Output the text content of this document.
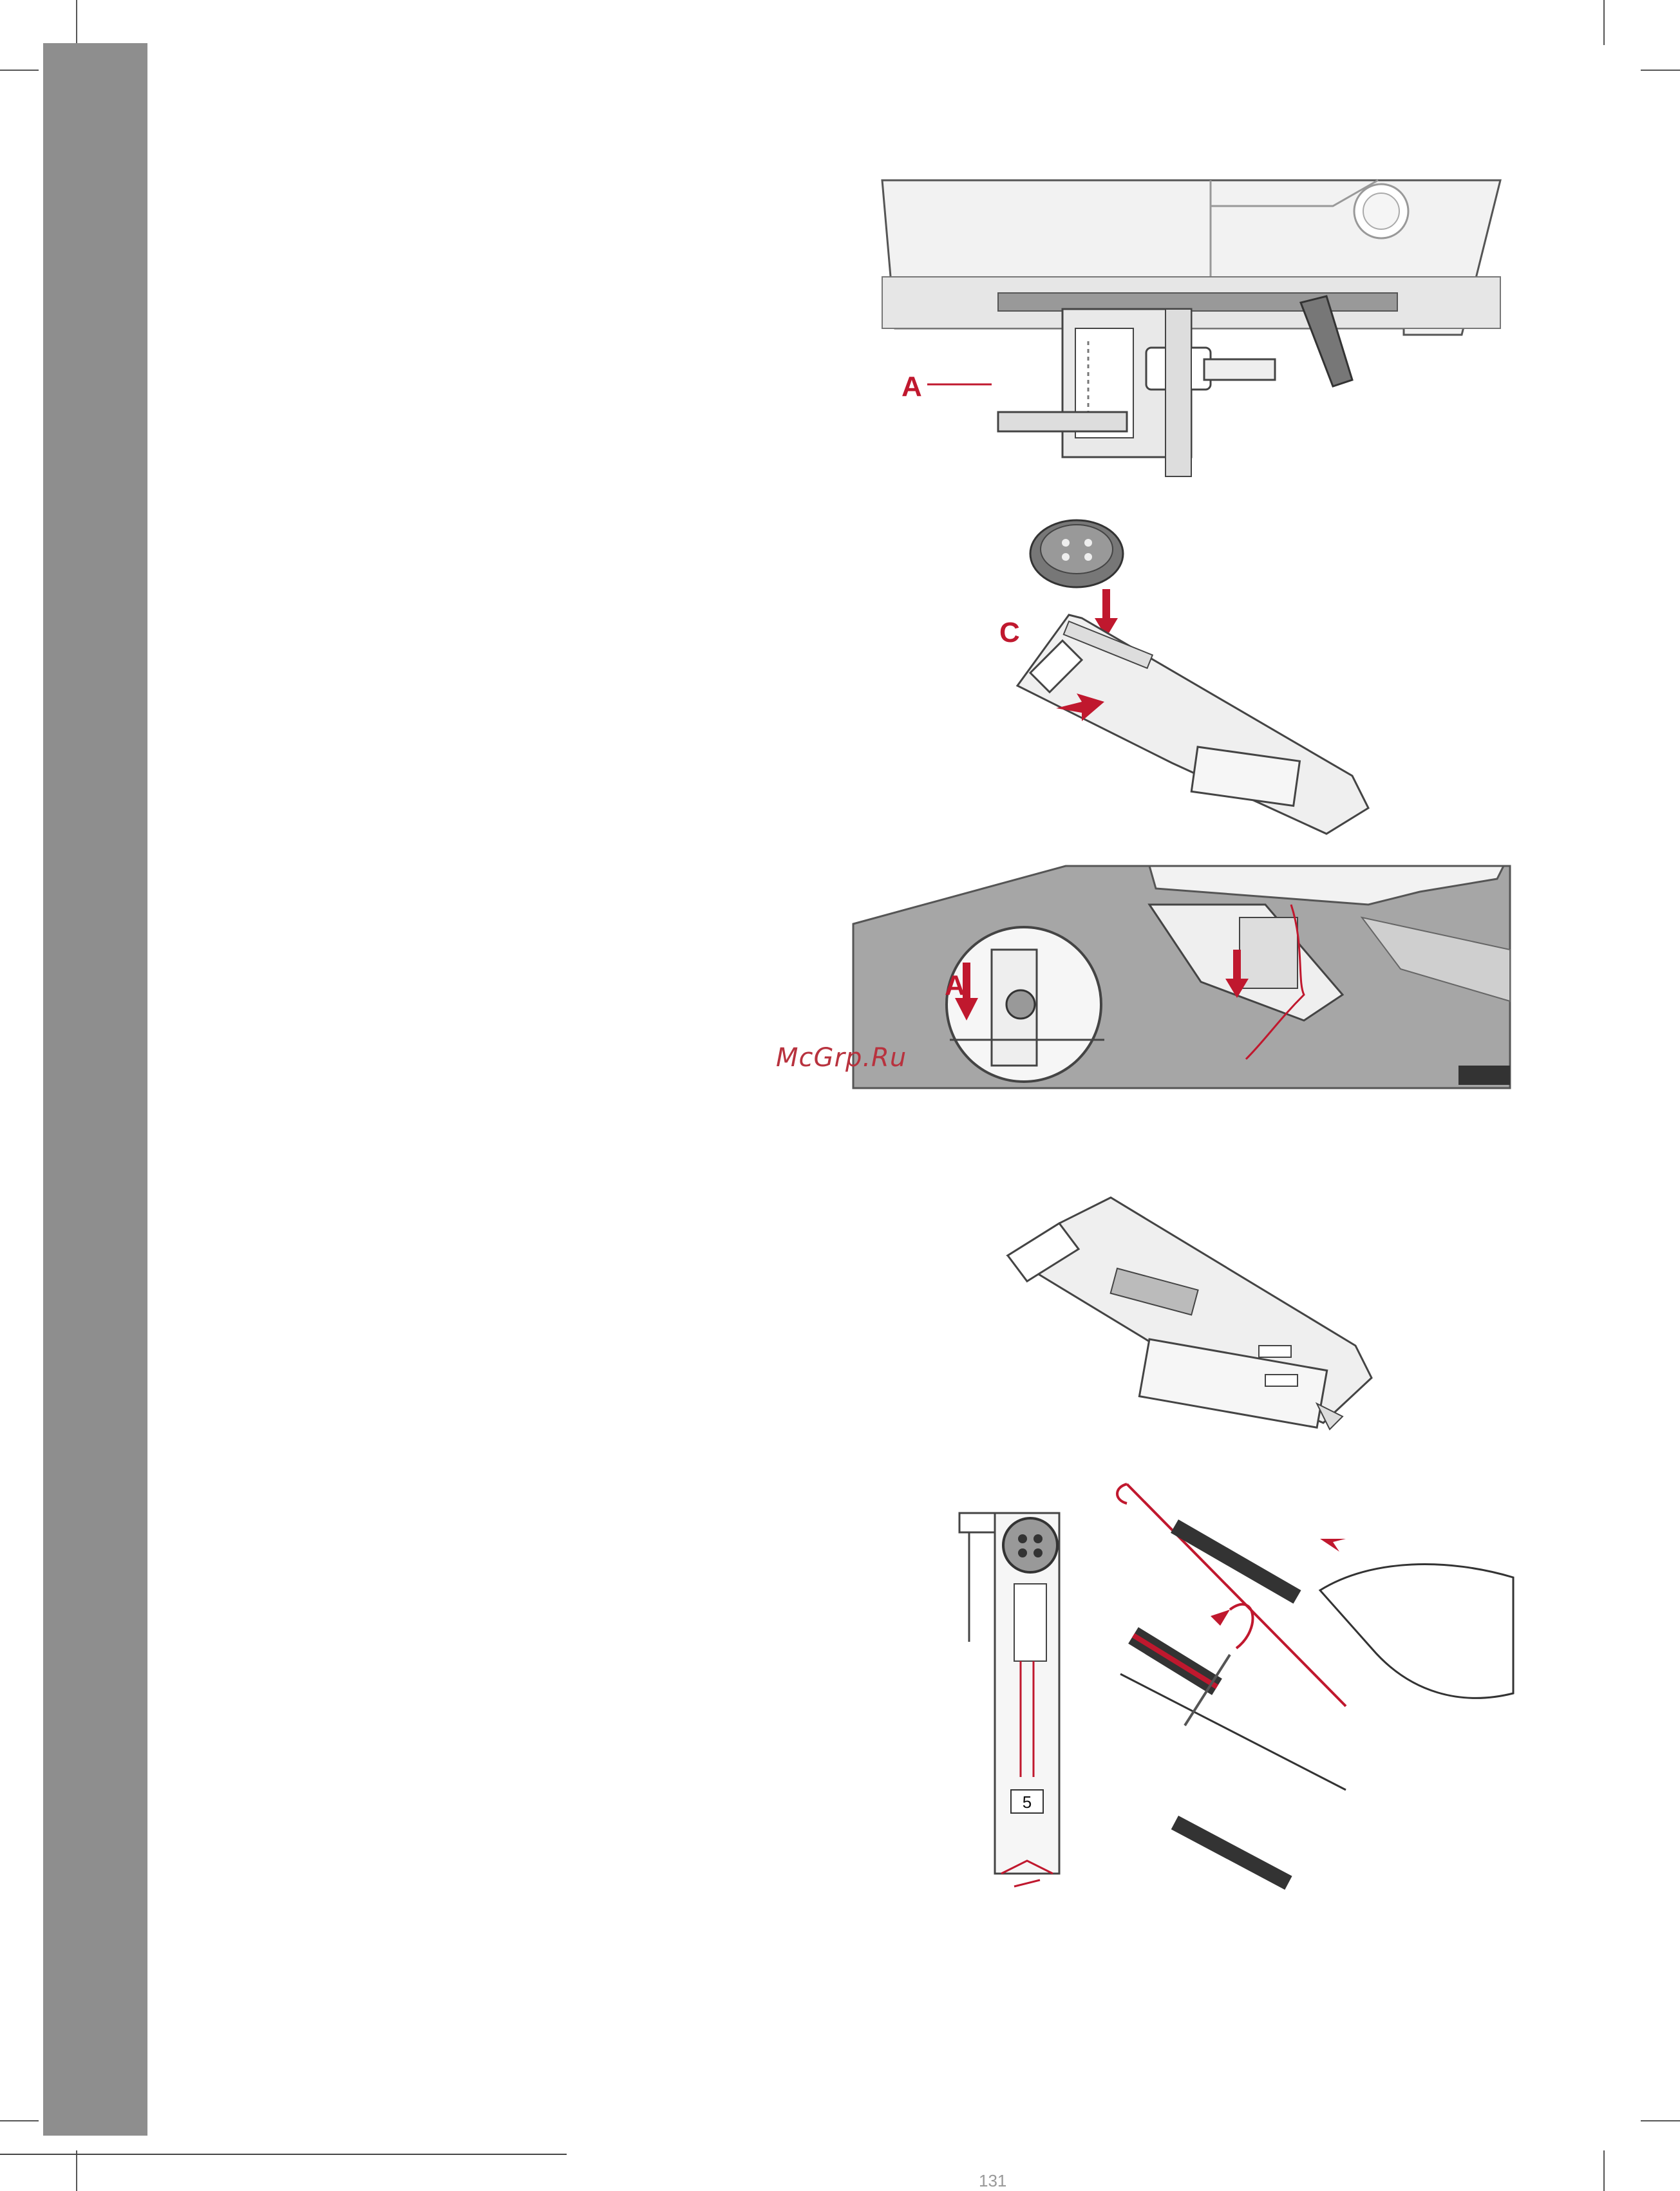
A
C
A
McGrp.Ru
5
131
